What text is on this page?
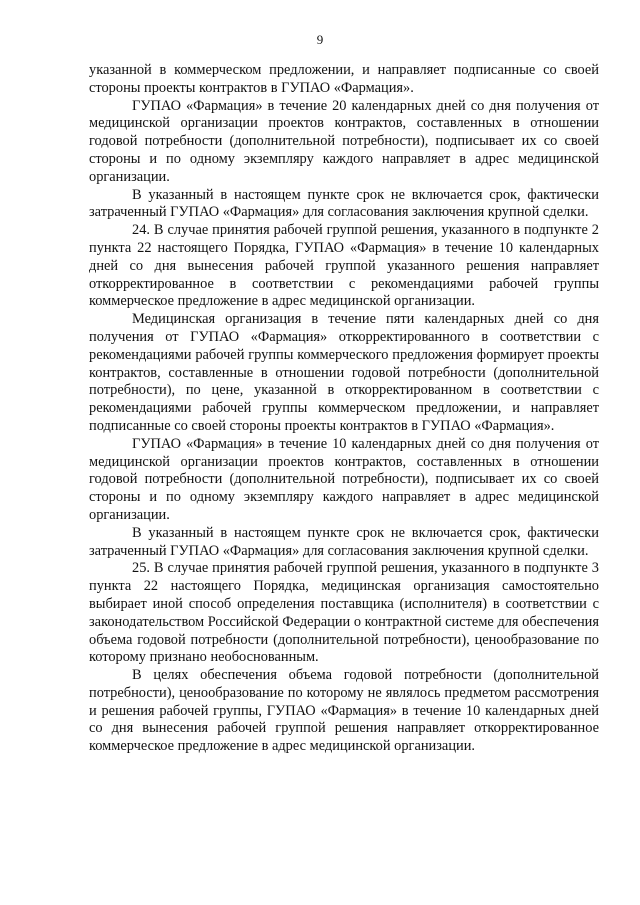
9

указанной в коммерческом предложении, и направляет подписанные со своей стороны проекты контрактов в ГУПАО «Фармация».

ГУПАО «Фармация» в течение 20 календарных дней со дня получения от медицинской организации проектов контрактов, составленных в отношении годовой потребности (дополнительной потребности), подписывает их со своей стороны и по одному экземпляру каждого направляет в адрес медицинской организации.

В указанный в настоящем пункте срок не включается срок, фактически затраченный ГУПАО «Фармация» для согласования заключения крупной сделки.

24. В случае принятия рабочей группой решения, указанного в подпункте 2 пункта 22 настоящего Порядка, ГУПАО «Фармация» в течение 10 календарных дней со дня вынесения рабочей группой указанного решения направляет откорректированное в соответствии с рекомендациями рабочей группы коммерческое предложение в адрес медицинской организации.

Медицинская организация в течение пяти календарных дней со дня получения от ГУПАО «Фармация» откорректированного в соответствии с рекомендациями рабочей группы коммерческого предложения формирует проекты контрактов, составленные в отношении годовой потребности (дополнительной потребности), по цене, указанной в откорректированном в соответствии с рекомендациями рабочей группы коммерческом предложении, и направляет подписанные со своей стороны проекты контрактов в ГУПАО «Фармация».

ГУПАО «Фармация» в течение 10 календарных дней со дня получения от медицинской организации проектов контрактов, составленных в отношении годовой потребности (дополнительной потребности), подписывает их со своей стороны и по одному экземпляру каждого направляет в адрес медицинской организации.

В указанный в настоящем пункте срок не включается срок, фактически затраченный ГУПАО «Фармация» для согласования заключения крупной сделки.

25. В случае принятия рабочей группой решения, указанного в подпункте 3 пункта 22 настоящего Порядка, медицинская организация самостоятельно выбирает иной способ определения поставщика (исполнителя) в соответствии с законодательством Российской Федерации о контрактной системе для обеспечения объема годовой потребности (дополнительной потребности), ценообразование по которому признано необоснованным.

В целях обеспечения объема годовой потребности (дополнительной потребности), ценообразование по которому не являлось предметом рассмотрения и решения рабочей группы, ГУПАО «Фармация» в течение 10 календарных дней со дня вынесения рабочей группой решения направляет откорректированное коммерческое предложение в адрес медицинской организации.
